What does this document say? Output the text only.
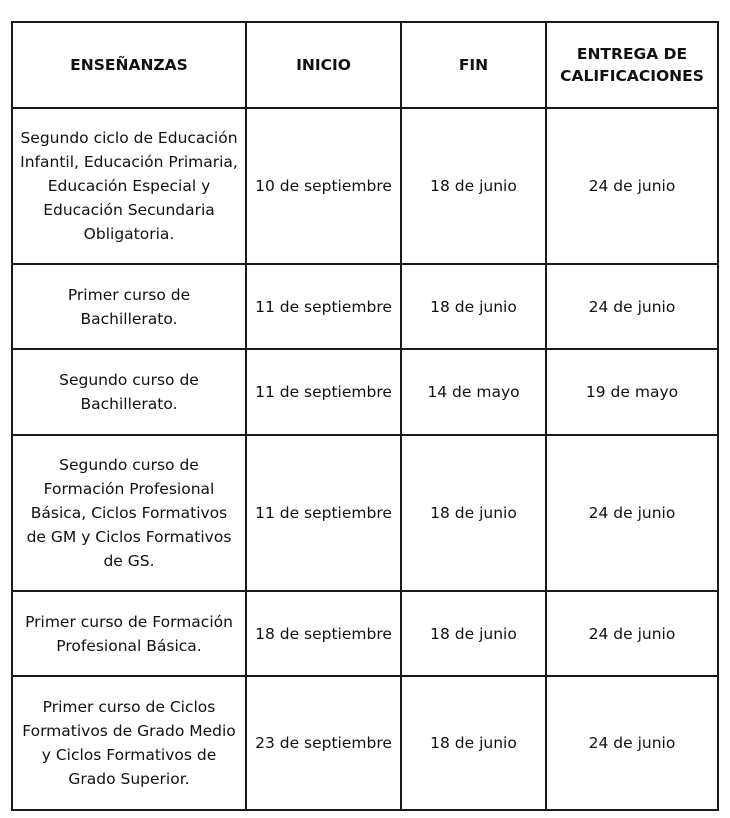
ENSEÑANZAS	INICIO	FIN	ENTREGA DE CALIFICACIONES
Segundo ciclo de Educación Infantil, Educación Primaria, Educación Especial y Educación Secundaria Obligatoria.	10 de septiembre	18 de junio	24 de junio
Primer curso de Bachillerato.	11 de septiembre	18 de junio	24 de junio
Segundo curso de Bachillerato.	11 de septiembre	14 de mayo	19 de mayo
Segundo curso de Formación Profesional Básica, Ciclos Formativos de GM y Ciclos Formativos de GS.	11 de septiembre	18 de junio	24 de junio
Primer curso de Formación Profesional Básica.	18 de septiembre	18 de junio	24 de junio
Primer curso de Ciclos Formativos de Grado Medio y Ciclos Formativos de Grado Superior.	23 de septiembre	18 de junio	24 de junio
